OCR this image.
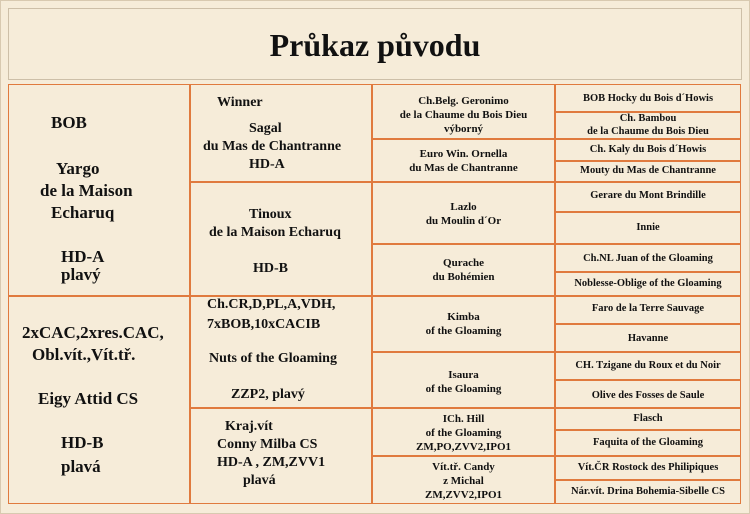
Průkaz původu
BOB
Yargo
de la Maison
Echaruq
HD-A
plavý
2xCAC,2xres.CAC,
Obl.vít.,Vít.tř.
Eigy Attid CS
HD-B
plavá
Winner
Sagal
du Mas de Chantranne
HD-A
Tinoux
de la Maison Echaruq
HD-B
Ch.CR,D,PL,A,VDH,
7xBOB,10xCACIB
Nuts of the Gloaming
ZZP2, plavý
Kraj.vít
Conny Milba CS
HD-A , ZM,ZVV1
plavá
Ch.Belg. Geronimo
de la Chaume du Bois Dieu
výborný
Euro Win. Ornella
du Mas de Chantranne
Lazlo
du Moulin d´Or
Qurache
du Bohémien
Kimba
of the Gloaming
Isaura
of the Gloaming
ICh. Hill
of the Gloaming
ZM,PO,ZVV2,IPO1
Vít.tř. Candy
z Michal
ZM,ZVV2,IPO1
BOB Hocky du Bois d´Howis
Ch. Bambou
de la Chaume du Bois Dieu
Ch. Kaly du Bois d´Howis
Mouty du Mas de Chantranne
Gerare du Mont Brindille
Innie
Ch.NL Juan of the Gloaming
Noblesse-Oblige of the Gloaming
Faro de la Terre Sauvage
Havanne
CH. Tzigane du Roux et du Noir
Olive des Fosses de Saule
Flasch
Faquita of the Gloaming
Vít.ČR Rostock des Philipiques
Nár.vít. Drina Bohemia-Sibelle CS
